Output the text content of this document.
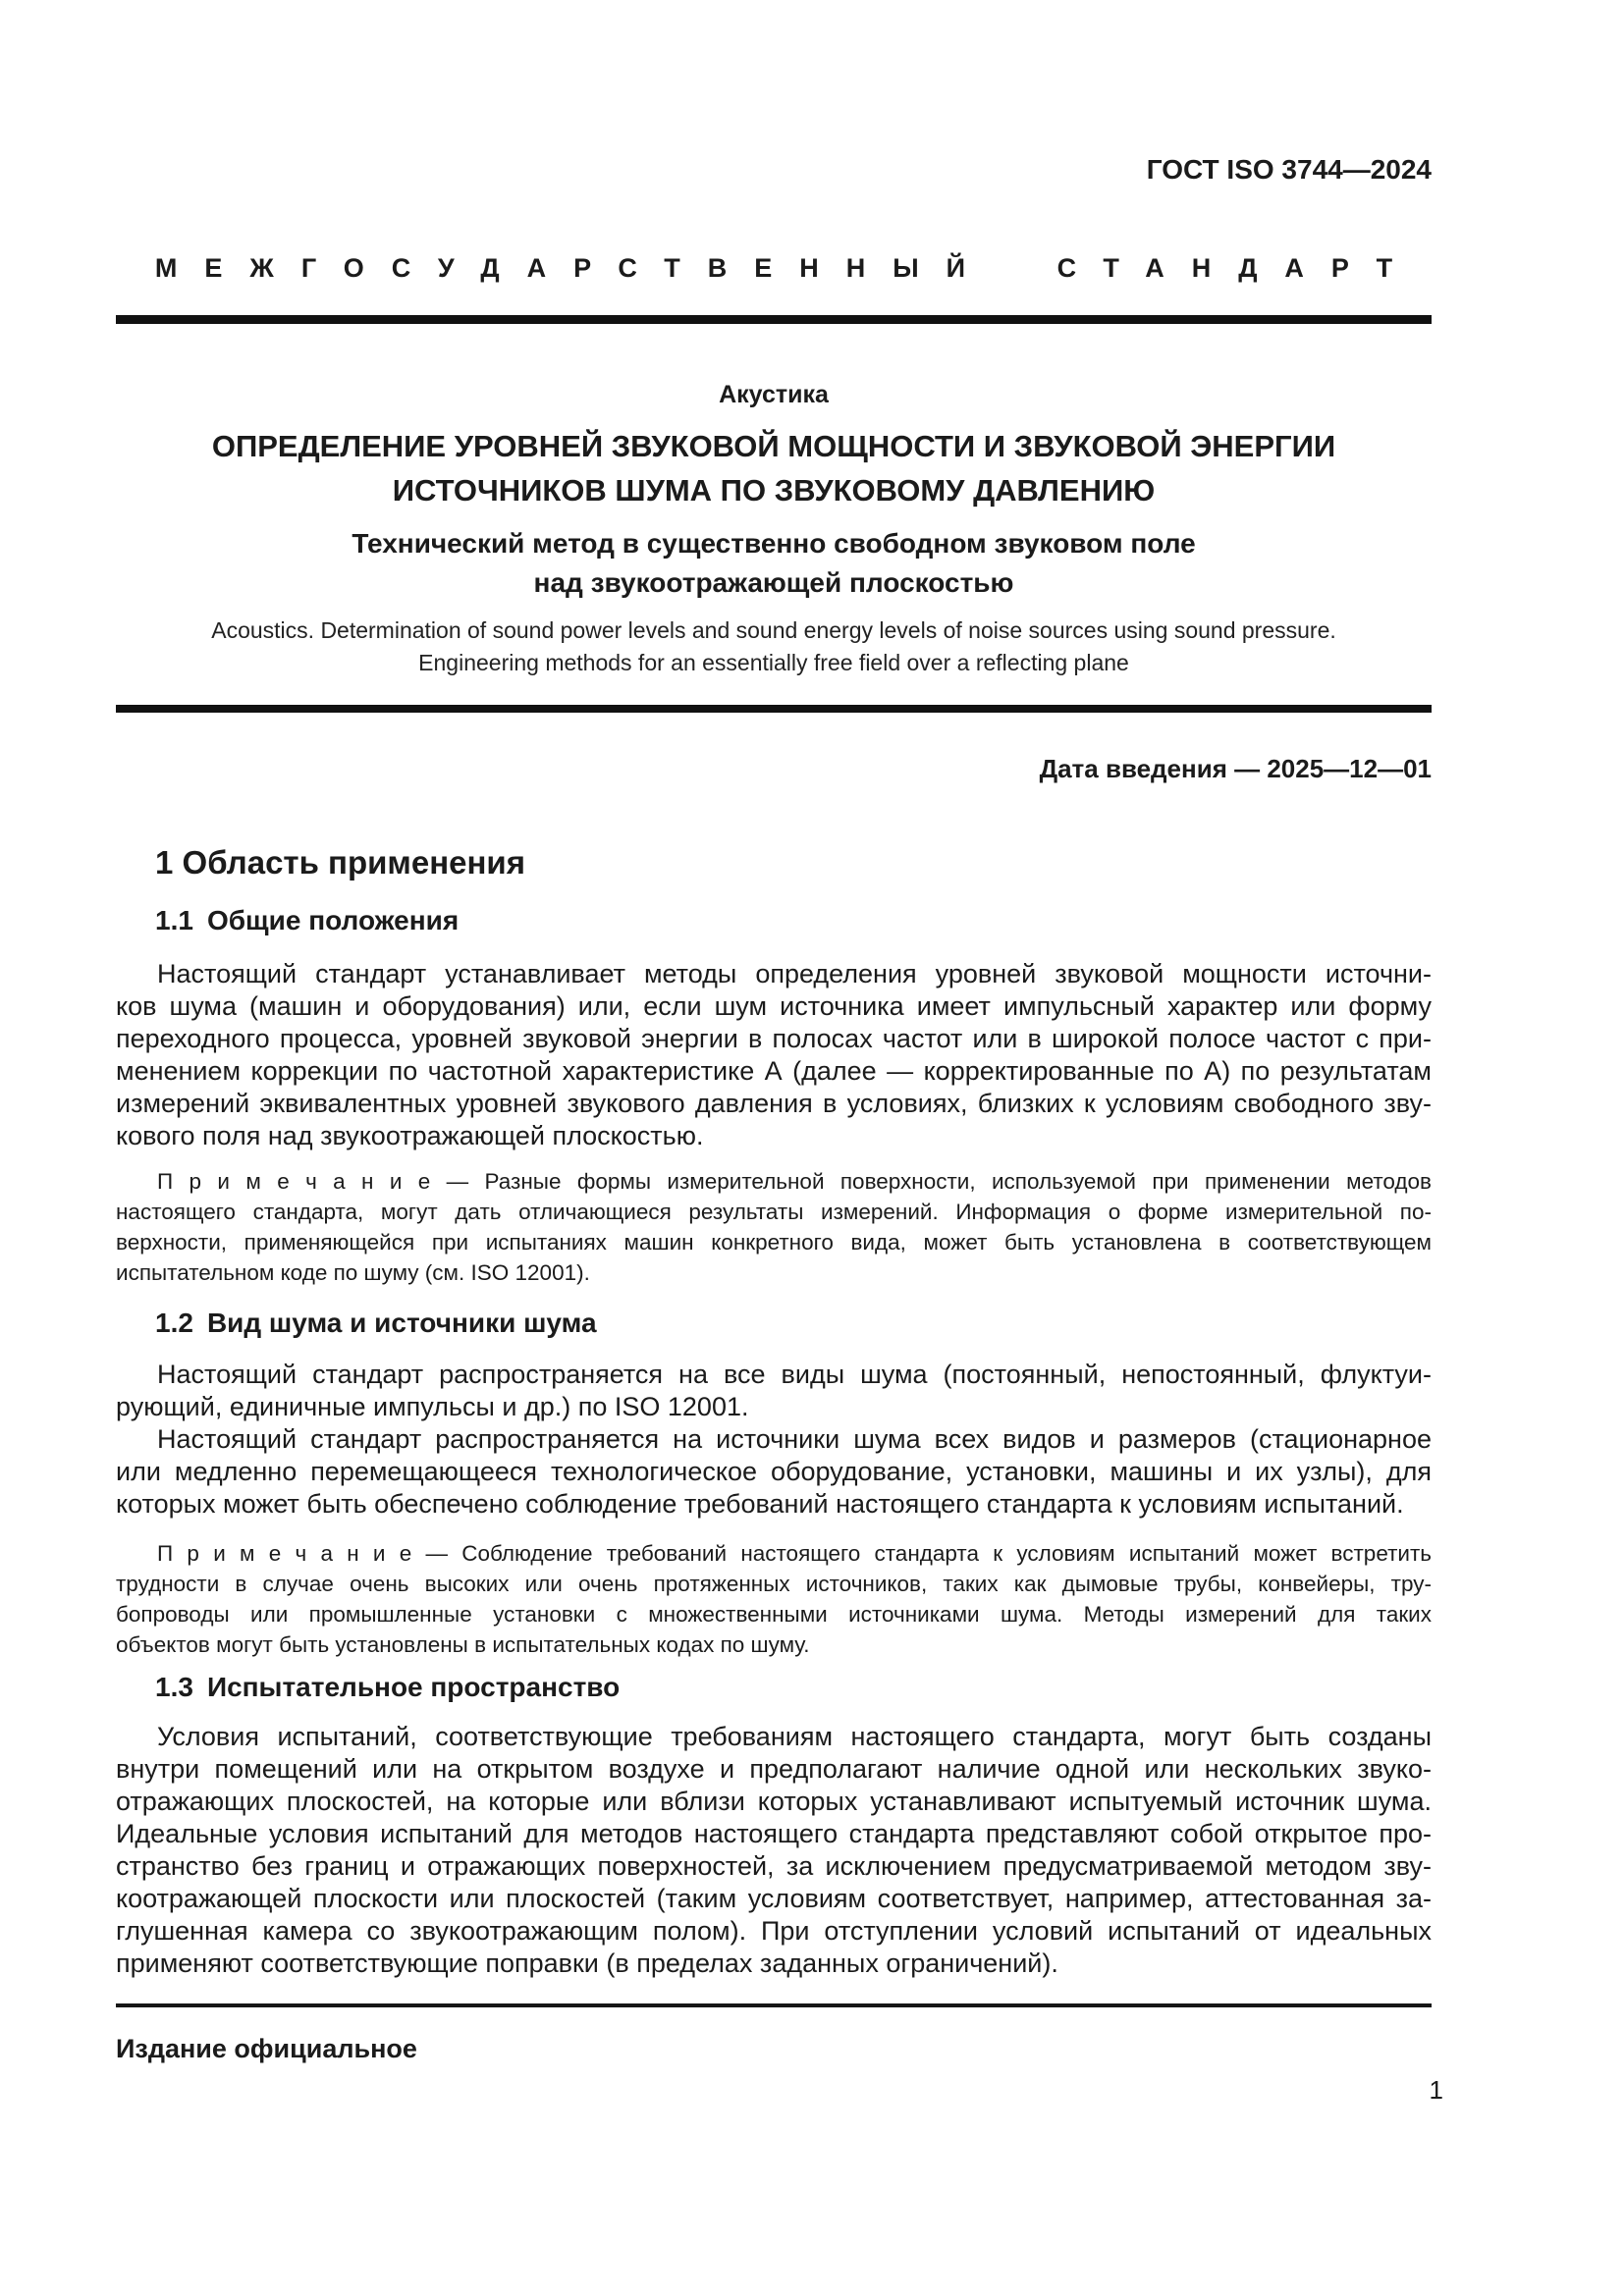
ГОСТ ISO 3744—2024
МЕЖГОСУДАРСТВЕННЫЙ СТАНДАРТ
Акустика
ОПРЕДЕЛЕНИЕ УРОВНЕЙ ЗВУКОВОЙ МОЩНОСТИ И ЗВУКОВОЙ ЭНЕРГИИ
ИСТОЧНИКОВ ШУМА ПО ЗВУКОВОМУ ДАВЛЕНИЮ
Технический метод в существенно свободном звуковом поле
над звукоотражающей плоскостью
Acoustics. Determination of sound power levels and sound energy levels of noise sources using sound pressure.
Engineering methods for an essentially free field over a reflecting plane
Дата введения — 2025—12—01
1 Область применения
1.1 Общие положения
Настоящий стандарт устанавливает методы определения уровней звуковой мощности источни-
ков шума (машин и оборудования) или, если шум источника имеет импульсный характер или форму
переходного процесса, уровней звуковой энергии в полосах частот или в широкой полосе частот с при-
менением коррекции по частотной характеристике А (далее — корректированные по А) по результатам
измерений эквивалентных уровней звукового давления в условиях, близких к условиям свободного зву-
кового поля над звукоотражающей плоскостью.
П р и м е ч а н и е — Разные формы измерительной поверхности, используемой при применении методов
настоящего стандарта, могут дать отличающиеся результаты измерений. Информация о форме измерительной по-
верхности, применяющейся при испытаниях машин конкретного вида, может быть установлена в соответствующем
испытательном коде по шуму (см. ISO 12001).
1.2 Вид шума и источники шума
Настоящий стандарт распространяется на все виды шума (постоянный, непостоянный, флуктуи-
рующий, единичные импульсы и др.) по ISO 12001.
Настоящий стандарт распространяется на источники шума всех видов и размеров (стационарное
или медленно перемещающееся технологическое оборудование, установки, машины и их узлы), для
которых может быть обеспечено соблюдение требований настоящего стандарта к условиям испытаний.
П р и м е ч а н и е — Соблюдение требований настоящего стандарта к условиям испытаний может встретить
трудности в случае очень высоких или очень протяженных источников, таких как дымовые трубы, конвейеры, тру-
бопроводы или промышленные установки с множественными источниками шума. Методы измерений для таких
объектов могут быть установлены в испытательных кодах по шуму.
1.3 Испытательное пространство
Условия испытаний, соответствующие требованиям настоящего стандарта, могут быть созданы
внутри помещений или на открытом воздухе и предполагают наличие одной или нескольких звуко-
отражающих плоскостей, на которые или вблизи которых устанавливают испытуемый источник шума.
Идеальные условия испытаний для методов настоящего стандарта представляют собой открытое про-
странство без границ и отражающих поверхностей, за исключением предусматриваемой методом зву-
коотражающей плоскости или плоскостей (таким условиям соответствует, например, аттестованная за-
глушенная камера со звукоотражающим полом). При отступлении условий испытаний от идеальных
применяют соответствующие поправки (в пределах заданных ограничений).
Издание официальное
1
